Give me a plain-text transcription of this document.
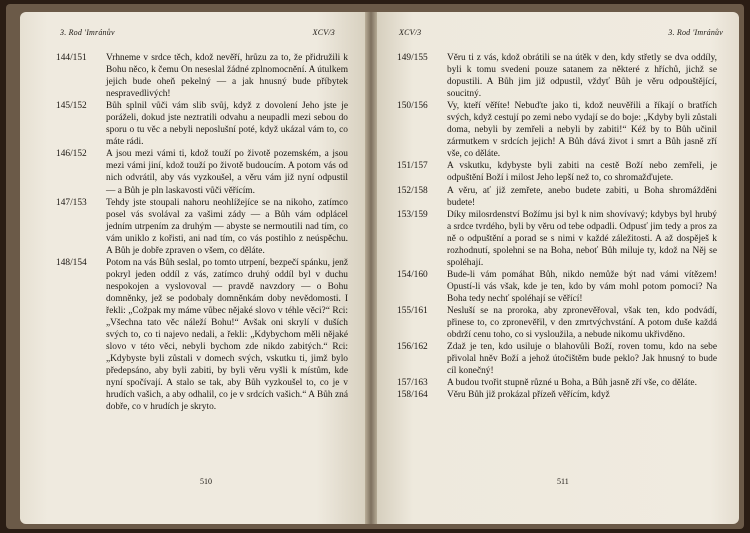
3. Rod 'Imránův	XCV/3
144/151	Vrhneme v srdce těch, kdož nevěří, hrůzu za to, že přidružili k Bohu něco, k čemu On neseslal žádné zplnomocnění. A útulkem jejich bude oheň pekelný — a jak hnusný bude příbytek nespravedlivých!
145/152	Bůh splnil vůči vám slib svůj, když z dovolení Jeho jste je poráželi, dokud jste neztratili odvahu a neupadli mezi sebou do sporu o tu věc a nebyli neposlušní poté, když ukázal vám to, co máte rádi.
146/152	A jsou mezi vámi ti, kdož touží po životě pozemském, a jsou mezi vámi jiní, kdož touží po životě budoucím. A potom vás od nich odvrátil, aby vás vyzkoušel, a věru vám již nyní odpustil — a Bůh je pln laskavosti vůči věřícím.
147/153	Tehdy jste stoupali nahoru neohlížejíce se na nikoho, zatímco posel vás svolával za vašimi zády — a Bůh vám odplácel jedním utrpením za druhým — abyste se nermoutili nad tím, co vám uniklo z kořisti, ani nad tím, co vás postihlo z neúspěchu. A Bůh je dobře zpraven o všem, co děláte.
148/154	Potom na vás Bůh seslal, po tomto utrpení, bezpečí spánku, jenž pokryl jeden oddíl z vás, zatímco druhý oddíl byl v duchu nespokojen a vyslovoval — pravdě navzdory — o Bohu domněnky, jež se podobaly domněnkám doby nevědomosti. I řekli: „Cožpak my máme vůbec nějaké slovo v téhle věci?“ Rci: „Všechna tato věc náleží Bohu!“ Avšak oni skrylí v duších svých to, co ti najevo nedali, a řekli: „Kdybychom měli nějaké slovo v této věci, nebyli bychom zde nikdo zabitých.“ Rci: „Kdybyste byli zůstali v domech svých, vskutku ti, jimž bylo předepsáno, aby byli zabiti, by byli věru vyšli k místům, kde nyní spočívají. A stalo se tak, aby Bůh vyzkoušel to, co je v hrudích vašich, a aby odhalil, co je v srdcích vašich.“ A Bůh zná dobře, co v hrudích je skryto.
510
XCV/3	3. Rod 'Imránův
149/155	Věru ti z vás, kdož obrátili se na útěk v den, kdy střetly se dva oddíly, byli k tomu svedeni pouze satanem za některé z hříchů, jichž se dopustili. A Bůh jim již odpustil, vždyť Bůh je věru odpouštějící, soucitný.
150/156	Vy, kteří věříte! Nebuďte jako ti, kdož neuvěřili a říkají o bratřích svých, když cestují po zemi nebo vydají se do boje: „Kdyby byli zůstali doma, nebyli by zemřeli a nebyli by zabiti!“ Kéž by to Bůh učinil zármutkem v srdcích jejich! A Bůh dává život i smrt a Bůh jasně zří vše, co děláte.
151/157	A vskutku, kdybyste byli zabiti na cestě Boží nebo zemřeli, je odpuštění Boží i milost Jeho lepší než to, co shromažďujete.
152/158	A věru, ať již zemřete, anebo budete zabiti, u Boha shromážděni budete!
153/159	Díky milosrdenství Božímu jsi byl k nim shovívavý; kdybys byl hrubý a srdce tvrdého, byli by věru od tebe odpadli. Odpusť jim tedy a pros za ně o odpuštění a porad se s nimi v každé záležitosti. A až dospěješ k rozhodnutí, spolehni se na Boha, neboť Bůh miluje ty, kdož na Něj se spoléhají.
154/160	Bude-li vám pomáhat Bůh, nikdo nemůže být nad vámi vítězem! Opustí-li vás však, kde je ten, kdo by vám mohl potom pomoci? Na Boha tedy nechť spoléhají se věřící!
155/161	Nesluší se na proroka, aby zpronevěřoval, však ten, kdo podvádí, přinese to, co zpronevěřil, v den zmrtvýchvstání. A potom duše každá obdrží cenu toho, co si vysloužila, a nebude nikomu ukřivděno.
156/162	Zdaž je ten, kdo usiluje o blahovůli Boží, roven tomu, kdo na sebe přivolal hněv Boží a jehož útočištěm bude peklo? Jak hnusný to bude cíl konečný!
157/163	A budou tvořit stupně různé u Boha, a Bůh jasně zří vše, co děláte.
158/164	Věru Bůh již prokázal přízeň věřícím, když
511
